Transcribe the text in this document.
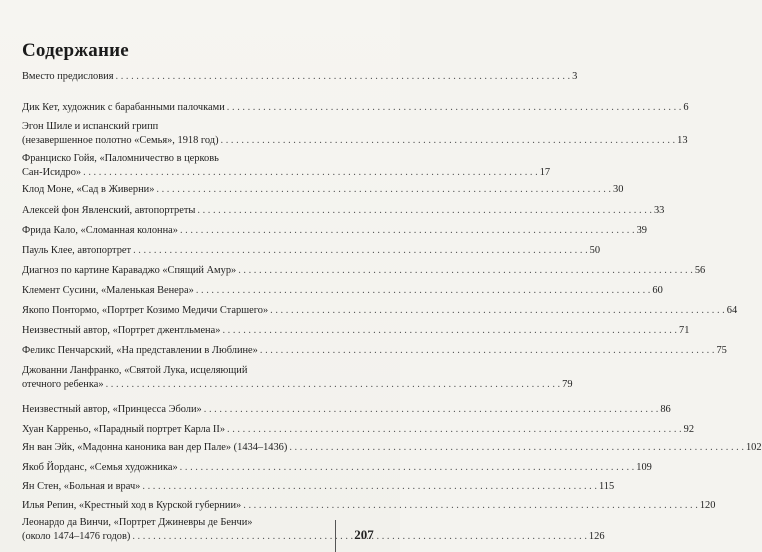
Содержание
Вместо предисловия . . .	3
Дик Кет, художник с барабанными палочками . . .	6
Эгон Шиле и испанский грипп
(незавершенное полотно «Семья», 1918 год) . . .	13
Франциско Гойя, «Паломничество в церковь
Сан-Исидро» . . .	17
Клод Моне, «Сад в Живерни» . . .	30
Алексей фон Явленский, автопортреты . . .	33
Фрида Кало, «Сломанная колонна» . . .	39
Пауль Клее, автопортрет . . .	50
Диагноз по картине Караваджо «Спящий Амур» . . .	56
Клемент Сусини, «Маленькая Венера» . . .	60
Якопо Понтормо, «Портрет Козимо Медичи Старшего» . . .	64
Неизвестный автор, «Портрет джентльмена» . . .	71
Феликс Пенчарский, «На представлении в Люблине» . . .	75
Джованни Ланфранко, «Святой Лука, исцеляющий
отечного ребенка» . . .	79
Неизвестный автор, «Принцесса Эболи» . . .	86
Хуан Карреньо, «Парадный портрет Карла II» . . .	92
Ян ван Эйк, «Мадонна каноника ван дер Пале» (1434–1436) . . .	102
Якоб Йорданс, «Семья художника» . . .	109
Ян Стен, «Больная и врач» . . .	115
Илья Репин, «Крестный ход в Курской губернии» . . .	120
Леонардо да Винчи, «Портрет Джиневры де Бенчи»
(около 1474–1476 годов) . . .	126
207
